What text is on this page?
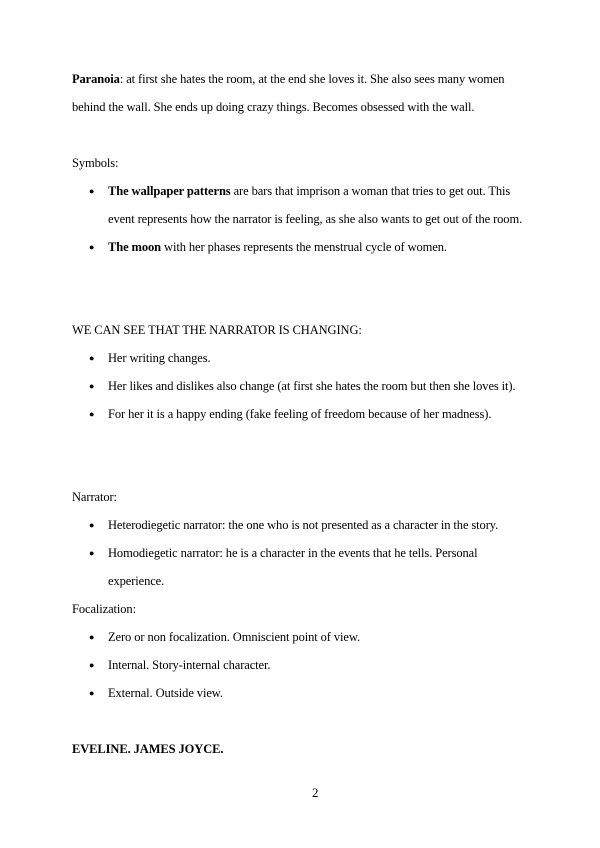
Paranoia: at first she hates the room, at the end she loves it. She also sees many women
behind the wall. She ends up doing crazy things. Becomes obsessed with the wall.
Symbols:
● The wallpaper patterns are bars that imprison a woman that tries to get out. This
event represents how the narrator is feeling, as she also wants to get out of the room.
● The moon with her phases represents the menstrual cycle of women.
WE CAN SEE THAT THE NARRATOR IS CHANGING:
● Her writing changes.
● Her likes and dislikes also change (at first she hates the room but then she loves it).
● For her it is a happy ending (fake feeling of freedom because of her madness).
Narrator:
● Heterodiegetic narrator: the one who is not presented as a character in the story.
● Homodiegetic narrator: he is a character in the events that he tells. Personal
experience.
Focalization:
● Zero or non focalization. Omniscient point of view.
● Internal. Story-internal character.
● External. Outside view.
EVELINE. JAMES JOYCE.
2
